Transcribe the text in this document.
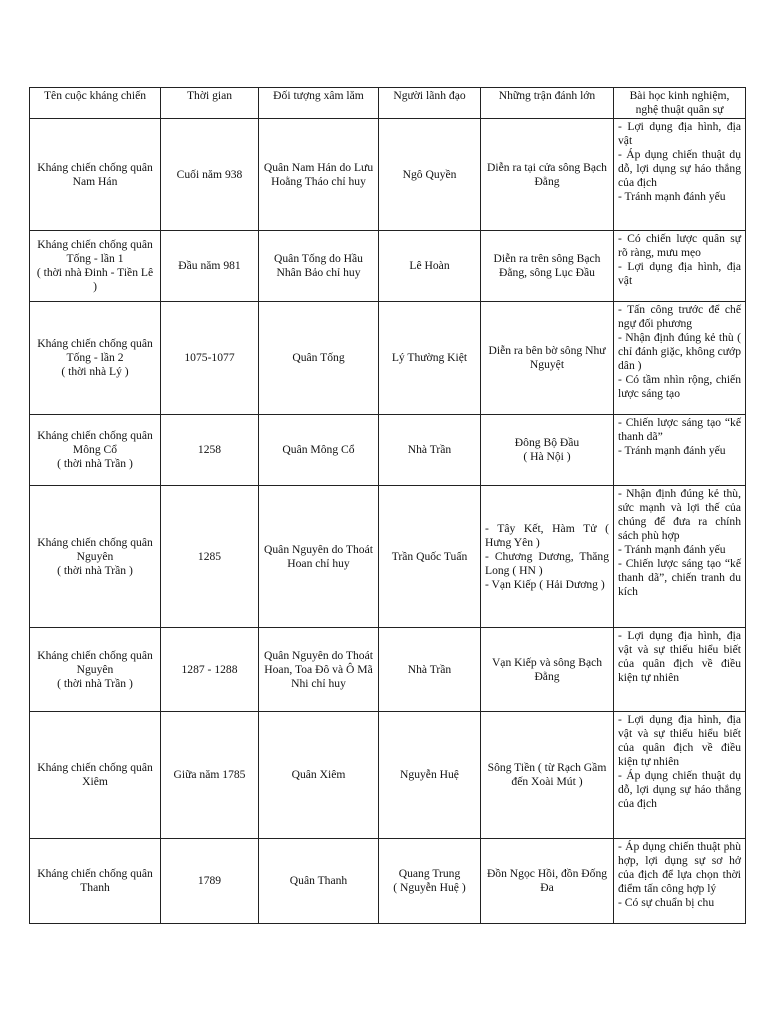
Tên cuộc kháng chiến	Thời gian	Đối tượng xâm lăm	Người lãnh đạo	Những trận đánh lớn	Bài học kinh nghiệm, nghệ thuật quân sự
Kháng chiến chống quân Nam Hán	Cuối năm 938	Quân Nam Hán do Lưu Hoằng Tháo chỉ huy	Ngô Quyền	Diễn ra tại cửa sông Bạch Đằng	- Lợi dụng địa hình, địa vật
- Áp dụng chiến thuật dụ dỗ, lợi dụng sự háo thắng của địch
- Tránh mạnh đánh yếu

Kháng chiến chống quân Tống - lần 1
( thời nhà Đinh - Tiền Lê )	Đầu năm 981	Quân Tống do Hầu Nhân Bảo chỉ huy	Lê Hoàn	Diễn ra trên sông Bạch Đằng, sông Lục Đầu	- Có chiến lược quân sự rõ ràng, mưu mẹo
- Lợi dụng địa hình, địa vật

Kháng chiến chống quân Tống - lần 2
( thời nhà Lý )	1075-1077	Quân Tống	Lý Thường Kiệt	Diễn ra bên bờ sông Như Nguyệt	- Tấn công trước để chế ngự đối phương
- Nhận định đúng kẻ thù ( chỉ đánh giặc, không cướp dân )
- Có tầm nhìn rộng, chiến lược sáng tạo

Kháng chiến chống quân Mông Cổ
( thời nhà Trần )	1258	Quân Mông Cổ	Nhà Trần	Đông Bộ Đầu
( Hà Nội )	- Chiến lược sáng tạo “kế thanh dã”
- Tránh mạnh đánh yếu

Kháng chiến chống quân Nguyên
( thời nhà Trần )	1285	Quân Nguyên do Thoát Hoan chỉ huy	Trần Quốc Tuấn	- Tây Kết, Hàm Tử ( Hưng Yên )
- Chương Dương, Thăng Long ( HN )
- Vạn Kiếp ( Hải Dương )	- Nhận định đúng kẻ thù, sức mạnh và lợi thế của chúng để đưa ra chính sách phù hợp
- Tránh mạnh đánh yếu
- Chiến lược sáng tạo “kế thanh dã”, chiến tranh du kích

Kháng chiến chống quân Nguyên
( thời nhà Trần )	1287 - 1288	Quân Nguyên do Thoát Hoan, Toa Đô và Ô Mã Nhi chỉ huy	Nhà Trần	Vạn Kiếp và sông Bạch Đằng	- Lợi dụng địa hình, địa vật và sự thiếu hiểu biết của quân địch về điều kiện tự nhiên

Kháng chiến chống quân Xiêm	Giữa năm 1785	Quân Xiêm	Nguyễn Huệ	Sông Tiền ( từ Rạch Gầm đến Xoài Mút )	- Lợi dụng địa hình, địa vật và sự thiếu hiểu biết của quân địch về điều kiện tự nhiên
- Áp dụng chiến thuật dụ dỗ, lợi dụng sự háo thắng của địch

Kháng chiến chống quân Thanh	1789	Quân Thanh	Quang Trung
( Nguyễn Huệ )	Đồn Ngọc Hồi, đồn Đống Đa	- Áp dụng chiến thuật phù hợp, lợi dụng sự sơ hở của địch để lựa chọn thời điểm tấn công hợp lý
- Có sự chuẩn bị chu
